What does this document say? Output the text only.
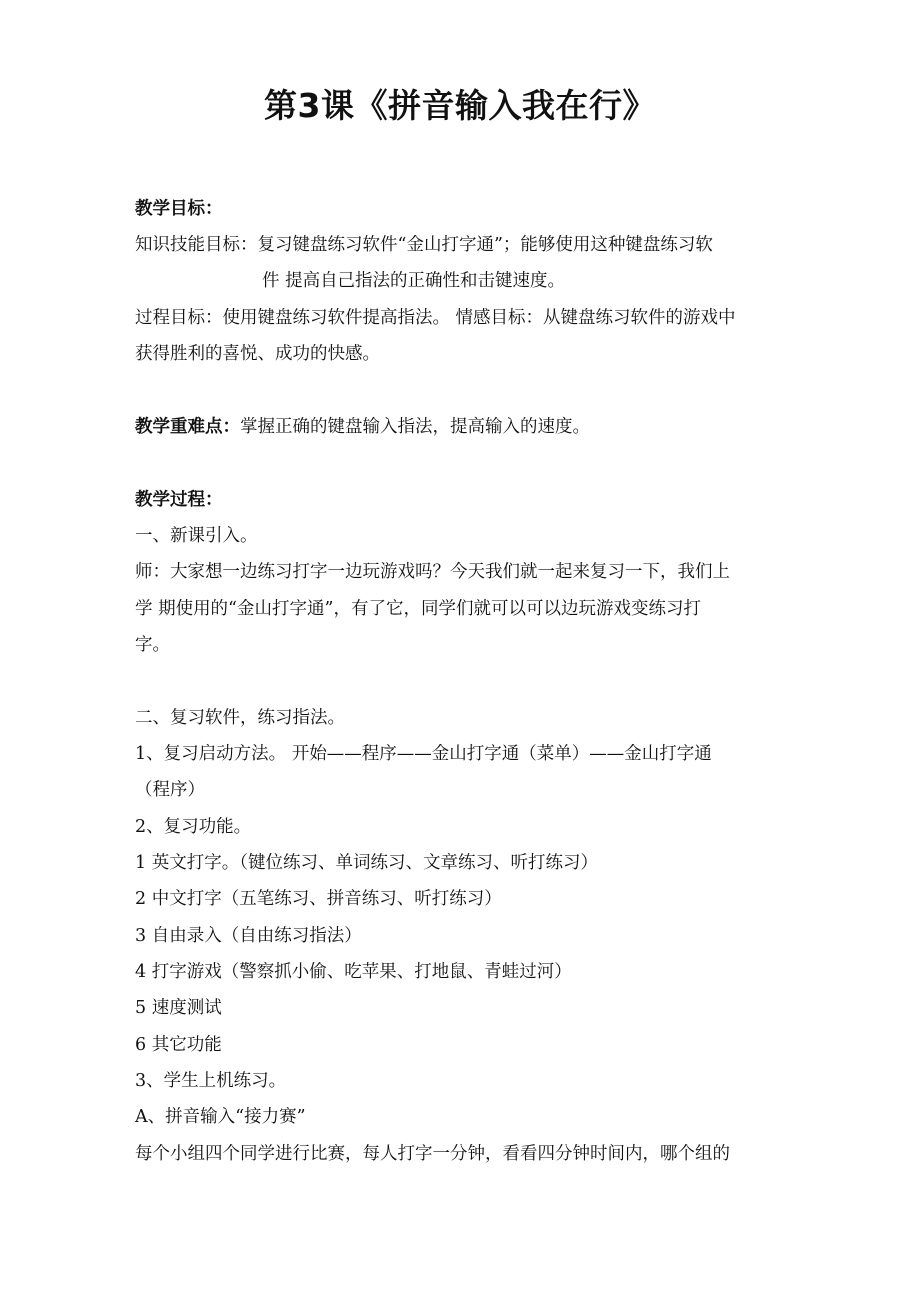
第3课《拼音输入我在行》

教学目标：

知识技能目标：复习键盘练习软件“金山打字通”；能够使用这种键盘练习软

件 提高自己指法的正确性和击键速度。

过程目标：使用键盘练习软件提高指法。 情感目标：从键盘练习软件的游戏中

获得胜利的喜悦、成功的快感。

教学重难点：掌握正确的键盘输入指法，提高输入的速度。

教学过程：

一、新课引入。

师：大家想一边练习打字一边玩游戏吗？今天我们就一起来复习一下，我们上

学 期使用的“金山打字通”，有了它，同学们就可以可以边玩游戏变练习打

字。

二、复习软件，练习指法。

1、复习启动方法。 开始——程序——金山打字通（菜单）——金山打字通

（程序）

2、复习功能。

1 英文打字。（键位练习、单词练习、文章练习、听打练习）

2 中文打字（五笔练习、拼音练习、听打练习）

3 自由录入（自由练习指法）

4 打字游戏（警察抓小偷、吃苹果、打地鼠、青蛙过河）

5 速度测试

6 其它功能

3、学生上机练习。

A、拼音输入“接力赛”

每个小组四个同学进行比赛，每人打字一分钟，看看四分钟时间内，哪个组的
